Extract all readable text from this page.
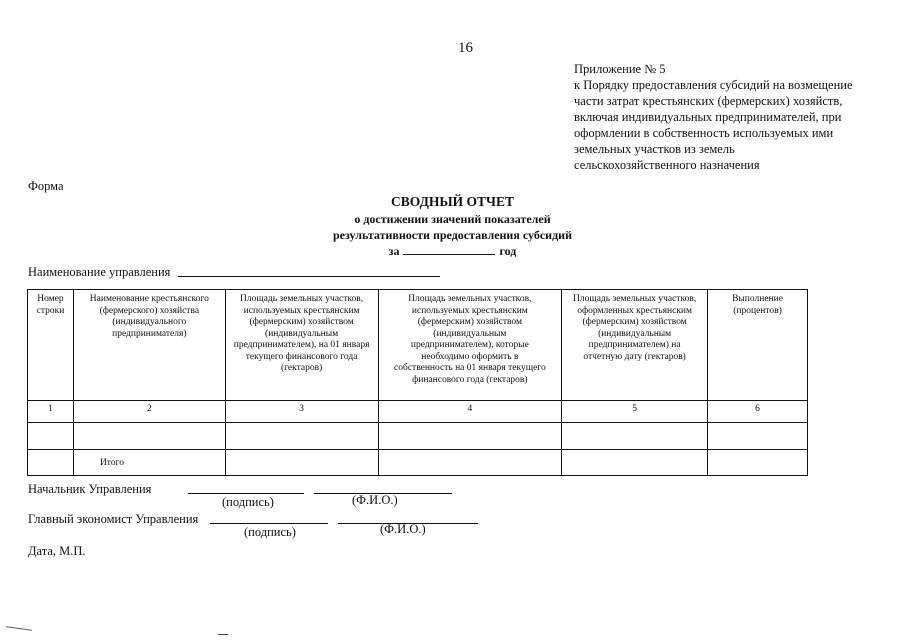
16
Приложение № 5
к Порядку предоставления субсидий на возмещение
части затрат крестьянских (фермерских) хозяйств,
включая индивидуальных предпринимателей, при
оформлении в собственность используемых ими
земельных участков из земель
сельскохозяйственного назначения
Форма
СВОДНЫЙ ОТЧЕТ
о достижении значений показателей
результативности предоставления субсидий
за	год
Наименование управления
Номер строки	Наименование крестьянского (фермерского) хозяйства (индивидуального предпринимателя)	Площадь земельных участков, используемых крестьянским (фермерским) хозяйством (индивидуальным предпринимателем), на 01 января текущего финансового года (гектаров)	Площадь земельных участков, используемых крестьянским (фермерским) хозяйством (индивидуальным предпринимателем), которые необходимо оформить в собственность на 01 января текущего финансового года (гектаров)	Площадь земельных участков, оформленных крестьянским (фермерским) хозяйством (индивидуальным предпринимателем) на отчетную дату (гектаров)	Выполнение (процентов)
1	2	3	4	5	6

	Итого				
Начальник Управления
(подпись)	(Ф.И.О.)
Главный экономист Управления
(подпись)	(Ф.И.О.)
Дата, М.П.
